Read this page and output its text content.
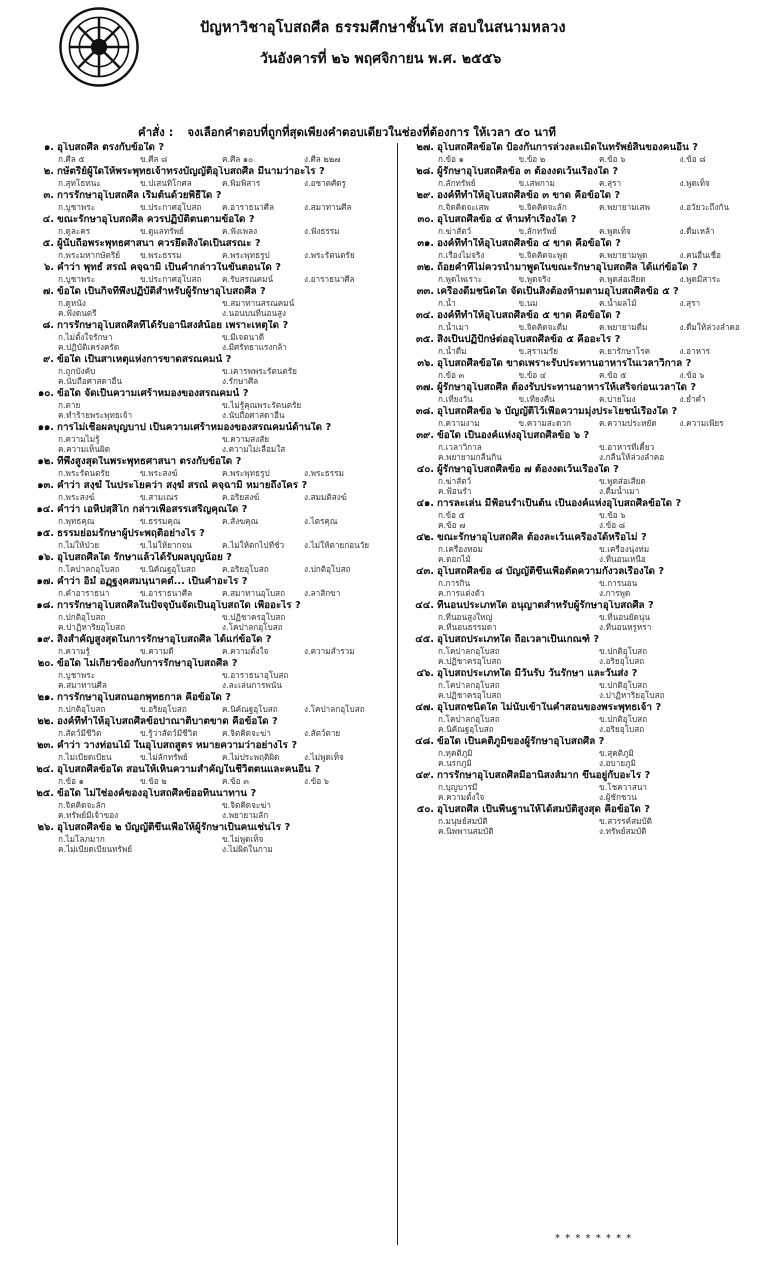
ปัญหาวิชาอุโบสถศีล ธรรมศึกษาชั้นโท สอบในสนามหลวง
วันอังคารที่ ๒๖ พฤศจิกายน พ.ศ. ๒๕๕๖
คำสั่ง : จงเลือกคำตอบที่ถูกที่สุดเพียงคำตอบเดียวในช่องที่ต้องการ ให้เวลา ๕๐ นาที
๑. อุโบสถศีล ตรงกับข้อใด ?
ก.ศีล ๕	ข.ศีล ๘	ค.ศีล ๑๐	ง.ศีล ๒๒๗
๒. กษัตริย์ผู้ใดให้พระพุทธเจ้าทรงบัญญัติอุโบสถศีล มีนามว่าอะไร ?
ก.สุทโธทนะ	ข.ปเสนทิโกศล	ค.พิมพิสาร	ง.อชาตศัตรู
๓. การรักษาอุโบสถศีล เริ่มต้นด้วยพิธีใด ?
ก.บูชาพระ	ข.ประกาศอุโบสถ	ค.อาราธนาศีล	ง.สมาทานศีล
๔. ขณะรักษาอุโบสถศีล ควรปฏิบัติตนตามข้อใด ?
ก.ดูละคร	ข.ดูแลทรัพย์	ค.ฟังเพลง	ง.ฟังธรรม
๕. ผู้นับถือพระพุทธศาสนา ควรยึดสิ่งใดเป็นสรณะ ?
ก.พระมหากษัตริย์	ข.พระธรรม	ค.พระพุทธรูป	ง.พระรัตนตรัย
๖. คำว่า พุทธํ สรณํ คจฺฉามิ เป็นคำกล่าวในขั้นตอนใด ?
ก.บูชาพระ	ข.ประกาศอุโบสถ	ค.รับสรณคมน์	ง.อาราธนาศีล
๗. ข้อใด เป็นกิจที่พึงปฏิบัติสำหรับผู้รักษาอุโบสถศีล ?
ก.ดูหนัง	ข.สมาทานสรณคมน์
ค.ฟังดนตรี	ง.นอนบนที่นอนสูง
๘. การรักษาอุโบสถศีลที่ได้รับอานิสงส์น้อย เพราะเหตุใด ?
ก.ไม่ตั้งใจรักษา	ข.มีเจตนาดี
ค.ปฏิบัติเคร่งครัด	ง.มีศรัทธาแรงกล้า
๙. ข้อใด เป็นสาเหตุแห่งการขาดสรณคมน์ ?
ก.ถูกบังคับ	ข.เคารพพระรัตนตรัย
ค.นับถือศาสดาอื่น	ง.รักษาศีล
๑๐. ข้อใด จัดเป็นความเศร้าหมองของสรณคมน์ ?
ก.ตาย	ข.ไม่รู้คุณพระรัตนตรัย
ค.ทำร้ายพระพุทธเจ้า	ง.นับถือศาสดาอื่น
๑๑. การไม่เชื่อผลบุญบาป เป็นความเศร้าหมองของสรณคมน์ด้านใด ?
ก.ความไม่รู้	ข.ความสงสัย
ค.ความเห็นผิด	ง.ความไม่เลื่อมใส
๑๒. ที่พึ่งสูงสุดในพระพุทธศาสนา ตรงกับข้อใด ?
ก.พระรัตนตรัย	ข.พระสงฆ์	ค.พระพุทธรูป	ง.พระธรรม
๑๓. คำว่า สงฺฆํ ในประโยคว่า สงฺฆํ สรณํ คจฺฉามิ หมายถึงใคร ?
ก.พระสงฆ์	ข.สามเณร	ค.อริยสงฆ์	ง.สมมติสงฆ์
๑๔. คำว่า เอหิปสฺสิโก กล่าวเพื่อสรรเสริญคุณใด ?
ก.พุทธคุณ	ข.ธรรมคุณ	ค.สังฆคุณ	ง.ไตรคุณ
๑๕. ธรรมย่อมรักษาผู้ประพฤติอย่างไร ?
ก.ไม่ให้ป่วย	ข.ไม่ให้ยากจน	ค.ไม่ให้ตกไปที่ชั่ว	ง.ไม่ให้ตายก่อนวัย
๑๖. อุโบสถศีลใด รักษาแล้วได้รับผลบุญน้อย ?
ก.โคปาลกอุโบสถ	ข.นิคัณฐอุโบสถ	ค.อริยอุโบสถ	ง.ปกติอุโบสถ
๑๗. คำว่า อิมํ อฏฺฐงฺคสมนฺนาคตํ... เป็นคำอะไร ?
ก.คำอาราธนา	ข.อาราธนาศีล	ค.สมาทานอุโบสถ	ง.ลาสิกขา
๑๘. การรักษาอุโบสถศีลในปัจจุบันจัดเป็นอุโบสถใด เพื่ออะไร ?
ก.ปกติอุโบสถ	ข.ปฏิชาครอุโบสถ
ค.ปาฏิหาริยอุโบสถ	ง.โคปาลกอุโบสถ
๑๙. สิ่งสำคัญสูงสุดในการรักษาอุโบสถศีล ได้แก่ข้อใด ?
ก.ความรู้	ข.ความดี	ค.ความตั้งใจ	ง.ความสำรวม
๒๐. ข้อใด ไม่เกี่ยวข้องกับการรักษาอุโบสถศีล ?
ก.บูชาพระ	ข.อาราธนาอุโบสถ
ค.สมาทานศีล	ง.ละเล่นการพนัน
๒๑. การรักษาอุโบสถนอกพุทธกาล คือข้อใด ?
ก.ปกติอุโบสถ	ข.อริยอุโบสถ	ค.นิคัณฐอุโบสถ	ง.โคปาลกอุโบสถ
๒๒. องค์ที่ทำให้อุโบสถศีลข้อปาณาติบาตขาด คือข้อใด ?
ก.สัตว์มีชีวิต	ข.รู้ว่าสัตว์มีชีวิต	ค.จิตคิดจะฆ่า	ง.สัตว์ตาย
๒๓. คำว่า วางท่อนไม้ ในอุโบสถสูตร หมายความว่าอย่างไร ?
ก.ไม่เบียดเบียน	ข.ไม่ลักทรัพย์	ค.ไม่ประพฤติผิด	ง.ไม่พูดเท็จ
๒๔. อุโบสถศีลข้อใด สอนให้เห็นความสำคัญในชีวิตตนและคนอื่น ?
ก.ข้อ ๑	ข.ข้อ ๒	ค.ข้อ ๓	ง.ข้อ ๖
๒๕. ข้อใด ไม่ใช่องค์ของอุโบสถศีลข้ออทินนาทาน ?
ก.จิตคิดจะลัก	ข.จิตคิดจะฆ่า
ค.ทรัพย์มีเจ้าของ	ง.พยายามลัก
๒๖. อุโบสถศีลข้อ ๒ บัญญัติขึ้นเพื่อให้ผู้รักษาเป็นคนเช่นไร ?
ก.ไม่โลภมาก	ข.ไม่พูดเท็จ
ค.ไม่เบียดเบียนทรัพย์	ง.ไม่ผิดในกาม
๒๗. อุโบสถศีลข้อใด ป้องกันการล่วงละเมิดในทรัพย์สินของคนอื่น ?
ก.ข้อ ๑	ข.ข้อ ๒	ค.ข้อ ๖	ง.ข้อ ๘
๒๘. ผู้รักษาอุโบสถศีลข้อ ๓ ต้องงดเว้นเรื่องใด ?
ก.ลักทรัพย์	ข.เสพกาม	ค.สุรา	ง.พูดเท็จ
๒๙. องค์ที่ทำให้อุโบสถศีลข้อ ๓ ขาด คือข้อใด ?
ก.จิตคิดจะเสพ	ข.จิตคิดจะลัก	ค.พยายามเสพ	ง.อวัยวะถึงกัน
๓๐. อุโบสถศีลข้อ ๔ ห้ามทำเรื่องใด ?
ก.ฆ่าสัตว์	ข.ลักทรัพย์	ค.พูดเท็จ	ง.ดื่มเหล้า
๓๑. องค์ที่ทำให้อุโบสถศีลข้อ ๔ ขาด คือข้อใด ?
ก.เรื่องไม่จริง	ข.จิตคิดจะพูด	ค.พยายามพูด	ง.คนอื่นเชื่อ
๓๒. ถ้อยคำที่ไม่ควรนำมาพูดในขณะรักษาอุโบสถศีล ได้แก่ข้อใด ?
ก.พูดไพเราะ	ข.พูดจริง	ค.พูดส่อเสียด	ง.พูดมีสาระ
๓๓. เครื่องดื่มชนิดใด จัดเป็นสิ่งต้องห้ามตามอุโบสถศีลข้อ ๕ ?
ก.น้ำ	ข.นม	ค.น้ำผลไม้	ง.สุรา
๓๔. องค์ที่ทำให้อุโบสถศีลข้อ ๕ ขาด คือข้อใด ?
ก.น้ำเมา	ข.จิตคิดจะดื่ม	ค.พยายามดื่ม	ง.ดื่มให้ล่วงลำคอ
๓๕. สิ่งเป็นปฏิปักษ์ต่ออุโบสถศีลข้อ ๕ คืออะไร ?
ก.น้ำดื่ม	ข.สุราเมรัย	ค.ยารักษาโรค	ง.อาหาร
๓๖. อุโบสถศีลข้อใด ขาดเพราะรับประทานอาหารในเวลาวิกาล ?
ก.ข้อ ๓	ข.ข้อ ๔	ค.ข้อ ๕	ง.ข้อ ๖
๓๗. ผู้รักษาอุโบสถศีล ต้องรับประทานอาหารให้เสร็จก่อนเวลาใด ?
ก.เที่ยงวัน	ข.เที่ยงคืน	ค.บ่ายโมง	ง.ย่ำค่ำ
๓๘. อุโบสถศีลข้อ ๖ บัญญัติไว้เพื่อความมุ่งประโยชน์เรื่องใด ?
ก.ความงาม	ข.ความสะดวก	ค.ความประหยัด	ง.ความเพียร
๓๙. ข้อใด เป็นองค์แห่งอุโบสถศีลข้อ ๖ ?
ก.เวลาวิกาล	ข.อาหารที่เคี้ยว
ค.พยายามกลืนกิน	ง.กลืนให้ล่วงลำคอ
๔๐. ผู้รักษาอุโบสถศีลข้อ ๗ ต้องงดเว้นเรื่องใด ?
ก.ฆ่าสัตว์	ข.พูดส่อเสียด
ค.ฟ้อนรำ	ง.ดื่มน้ำเมา
๔๑. การละเล่น มีฟ้อนรำเป็นต้น เป็นองค์แห่งอุโบสถศีลข้อใด ?
ก.ข้อ ๕	ข.ข้อ ๖
ค.ข้อ ๗	ง.ข้อ ๘
๔๒. ขณะรักษาอุโบสถศีล ต้องละเว้นเครื่องใด้หรือไม่ ?
ก.เครื่องหอม	ข.เครื่องนุ่งห่ม
ค.ดอกไม้	ง.ที่นอนเหนือ
๔๓. อุโบสถศีลข้อ ๘ บัญญัติขึ้นเพื่อตัดความกังวลเรื่องใด ?
ก.การกิน	ข.การนอน
ค.การแต่งตัว	ง.การพูด
๔๔. ที่นอนประเภทใด อนุญาตสำหรับผู้รักษาอุโบสถศีล ?
ก.ที่นอนสูงใหญ่	ข.ที่นอนยัดนุ่น
ค.ที่นอนธรรมดา	ง.ที่นอนหรูหรา
๔๕. อุโบสถประเภทใด ถือเวลาเป็นเกณฑ์ ?
ก.โคปาลกอุโบสถ	ข.ปกติอุโบสถ
ค.ปฏิชาครอุโบสถ	ง.อริยอุโบสถ
๔๖. อุโบสถประเภทใด มีวันรับ วันรักษา และวันส่ง ?
ก.โคปาลกอุโบสถ	ข.ปกติอุโบสถ
ค.ปฏิชาครอุโบสถ	ง.ปาฏิหาริยอุโบสถ
๔๗. อุโบสถชนิดใด ไม่นับเข้าในคำสอนของพระพุทธเจ้า ?
ก.โคปาลกอุโบสถ	ข.ปกติอุโบสถ
ค.นิคัณฐอุโบสถ	ง.อริยอุโบสถ
๔๘. ข้อใด เป็นคติภูมิของผู้รักษาอุโบสถศีล ?
ก.ทุคติภูมิ	ข.สุคติภูมิ
ค.นรกภูมิ	ง.อบายภูมิ
๔๙. การรักษาอุโบสถศีลมีอานิสงส์มาก ขึ้นอยู่กับอะไร ?
ก.บุญบารมี	ข.โชควาสนา
ค.ความตั้งใจ	ง.ผู้ชักชวน
๕๐. อุโบสถศีล เป็นพื้นฐานให้ได้สมบัติสูงสุด คือข้อใด ?
ก.มนุษย์สมบัติ	ข.สวรรค์สมบัติ
ค.นิพพานสมบัติ	ง.ทรัพย์สมบัติ
* * * * * * * *
